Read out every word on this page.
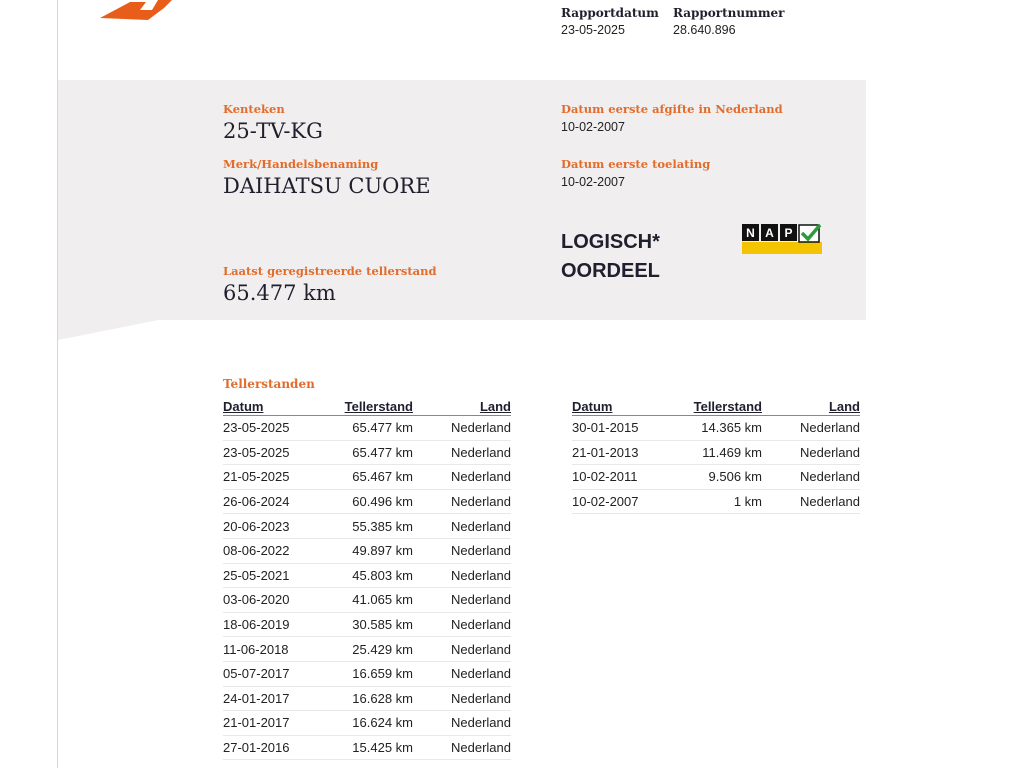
Rapportdatum
23-05-2025
Rapportnummer
28.640.896
Kenteken
25-TV-KG
Merk/Handelsbenaming
DAIHATSU CUORE
Laatst geregistreerde tellerstand
65.477 km
Datum eerste afgifte in Nederland
10-02-2007
Datum eerste toelating
10-02-2007
LOGISCH*
OORDEEL
N A P
Tellerstanden
Datum	Tellerstand	Land
23-05-2025	65.477 km	Nederland
23-05-2025	65.477 km	Nederland
21-05-2025	65.467 km	Nederland
26-06-2024	60.496 km	Nederland
20-06-2023	55.385 km	Nederland
08-06-2022	49.897 km	Nederland
25-05-2021	45.803 km	Nederland
03-06-2020	41.065 km	Nederland
18-06-2019	30.585 km	Nederland
11-06-2018	25.429 km	Nederland
05-07-2017	16.659 km	Nederland
24-01-2017	16.628 km	Nederland
21-01-2017	16.624 km	Nederland
27-01-2016	15.425 km	Nederland
Datum	Tellerstand	Land
30-01-2015	14.365 km	Nederland
21-01-2013	11.469 km	Nederland
10-02-2011	9.506 km	Nederland
10-02-2007	1 km	Nederland
